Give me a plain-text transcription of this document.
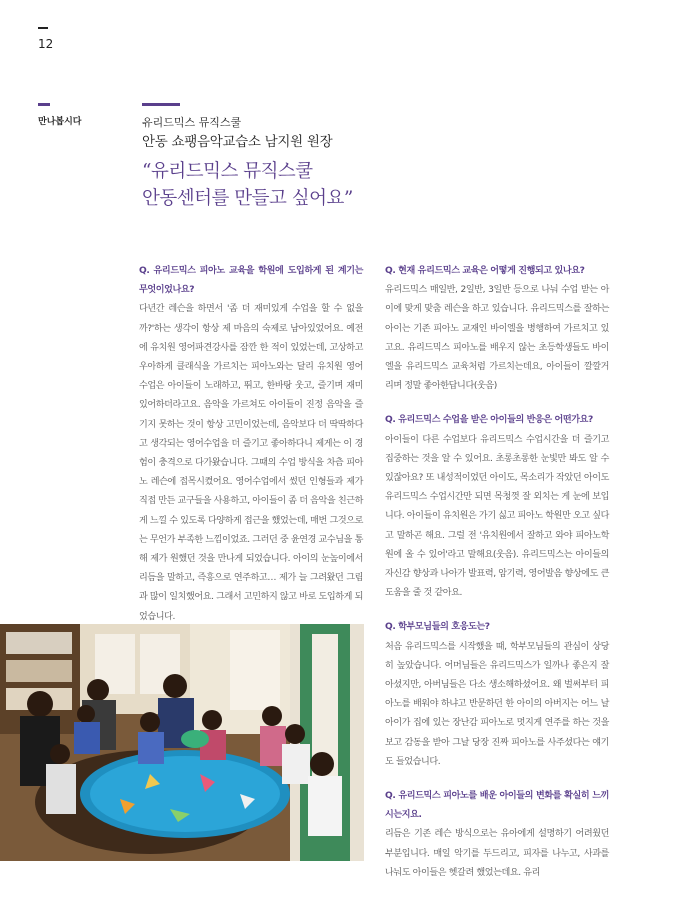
12
만나봅시다	유리드믹스 뮤직스쿨
안동 쇼팽음악교습소 남지원 원장
“유리드믹스 뮤직스쿨
안동센터를 만들고 싶어요”
Q. 유리드믹스 피아노 교육을 학원에 도입하게 된 계기는 무엇이었나요?
다년간 레슨을 하면서 '좀 더 재미있게 수업을 할 수 없을까?'하는 생각이 항상 제 마음의 숙제로 남아있었어요. 예전에 유치원 영어파견강사를 잠깐 한 적이 있었는데, 고상하고 우아하게 클래식을 가르치는 피아노와는 달리 유치원 영어수업은 아이들이 노래하고, 뛰고, 한바탕 웃고, 즐기며 재미있어하더라고요. 음악을 가르쳐도 아이들이 진정 음악을 즐기지 못하는 것이 항상 고민이었는데, 음악보다 더 딱딱하다고 생각되는 영어수업을 더 즐기고 좋아하다니 제게는 이 경험이 충격으로 다가왔습니다. 그때의 수업 방식을 차츰 피아노 레슨에 접목시켰어요. 영어수업에서 썼던 인형들과 제가 직접 만든 교구들을 사용하고, 아이들이 좀 더 음악을 친근하게 느낄 수 있도록 다양하게 접근을 했었는데, 매번 그것으로는 무언가 부족한 느낌이었죠. 그러던 중 윤연경 교수님을 통해 제가 원했던 것을 만나게 되었습니다. 아이의 눈높이에서 리듬을 말하고, 즉흥으로 연주하고… 제가 늘 그려왔던 그림과 많이 일치했어요. 그래서 고민하지 않고 바로 도입하게 되었습니다.
Q. 현재 유리드믹스 교육은 어떻게 진행되고 있나요?
유리드믹스 매일반, 2일반, 3일반 등으로 나눠 수업 받는 아이에 맞게 맞춤 레슨을 하고 있습니다. 유리드믹스를 잘하는 아이는 기존 피아노 교재인 바이엘을 병행하여 가르치고 있고요. 유리드믹스 피아노를 배우지 않는 초등학생들도 바이엘을 유리드믹스 교육처럼 가르치는데요, 아이들이 깔깔거리며 정말 좋아한답니다(웃음)
Q. 유리드믹스 수업을 받은 아이들의 반응은 어떤가요?
아이들이 다른 수업보다 유리드믹스 수업시간을 더 즐기고 집중하는 것을 알 수 있어요. 초롱초롱한 눈빛만 봐도 알 수 있잖아요? 또 내성적이었던 아이도, 목소리가 작았던 아이도 유리드믹스 수업시간만 되면 목청껏 잘 외치는 게 눈에 보입니다. 아이들이 유치원은 가기 싫고 피아노 학원만 오고 싶다고 말하곤 해요. 그럴 전 '유치원에서 잘하고 와야 피아노학원에 올 수 있어'라고 말해요(웃음). 유리드믹스는 아이들의 자신감 향상과 나아가 발표력, 암기력, 영어발음 향상에도 큰 도움을 줄 것 같아요.
Q. 학부모님들의 호응도는?
처음 유리드믹스를 시작했을 때, 학부모님들의 관심이 상당히 높았습니다. 어머님들은 유리드믹스가 일까나 좋은지 잘 아셨지만, 아버님들은 다소 생소해하셨어요. 왜 벌써부터 피아노를 배워야 하냐고 반문하던 한 아이의 아버지는 어느 날 아이가 집에 있는 장난감 피아노로 멋지게 연주를 하는 것을 보고 감동을 받아 그날 당장 진짜 피아노를 사주셨다는 얘기도 들었습니다.
Q. 유리드믹스 피아노를 배운 아이들의 변화를 확실히 느끼시는지요.
리듬은 기존 레슨 방식으로는 유아에게 설명하기 어려웠던 부분입니다. 매일 악기를 두드리고, 피자를 나누고, 사과를 나눠도 아이들은 헷갈려 했었는데요. 유리
